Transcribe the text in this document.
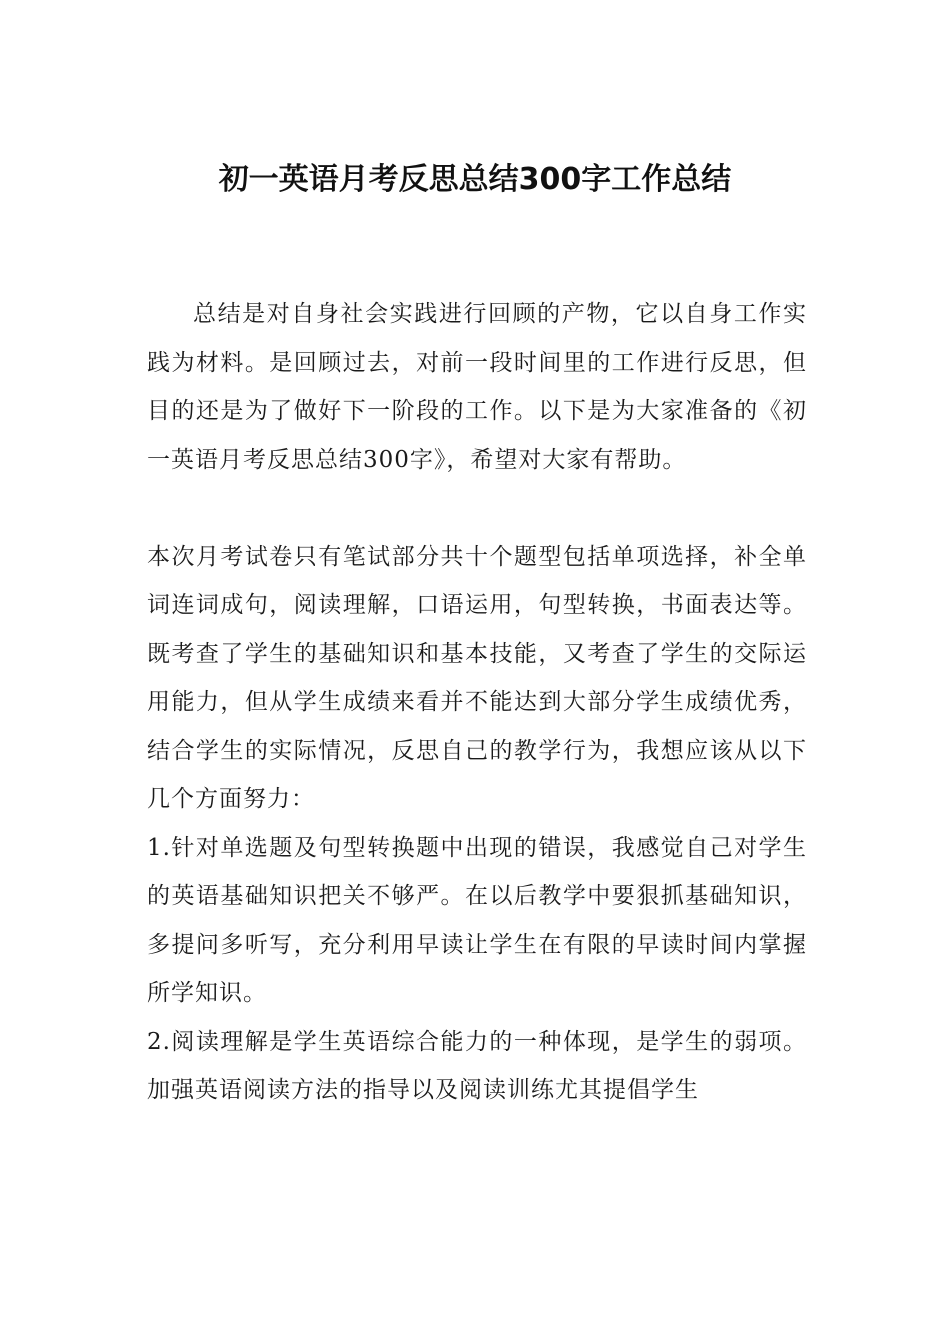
初一英语月考反思总结300字工作总结

总结是对自身社会实践进行回顾的产物，它以自身工作实践为材料。是回顾过去，对前一段时间里的工作进行反思，但目的还是为了做好下一阶段的工作。以下是为大家准备的《初一英语月考反思总结300字》，希望对大家有帮助。

本次月考试卷只有笔试部分共十个题型包括单项选择，补全单词连词成句，阅读理解，口语运用，句型转换，书面表达等。既考查了学生的基础知识和基本技能，又考查了学生的交际运用能力，但从学生成绩来看并不能达到大部分学生成绩优秀，结合学生的实际情况，反思自己的教学行为，我想应该从以下几个方面努力：

1.针对单选题及句型转换题中出现的错误，我感觉自己对学生的英语基础知识把关不够严。在以后教学中要狠抓基础知识，多提问多听写，充分利用早读让学生在有限的早读时间内掌握所学知识。

2.阅读理解是学生英语综合能力的一种体现，是学生的弱项。加强英语阅读方法的指导以及阅读训练尤其提倡学生
